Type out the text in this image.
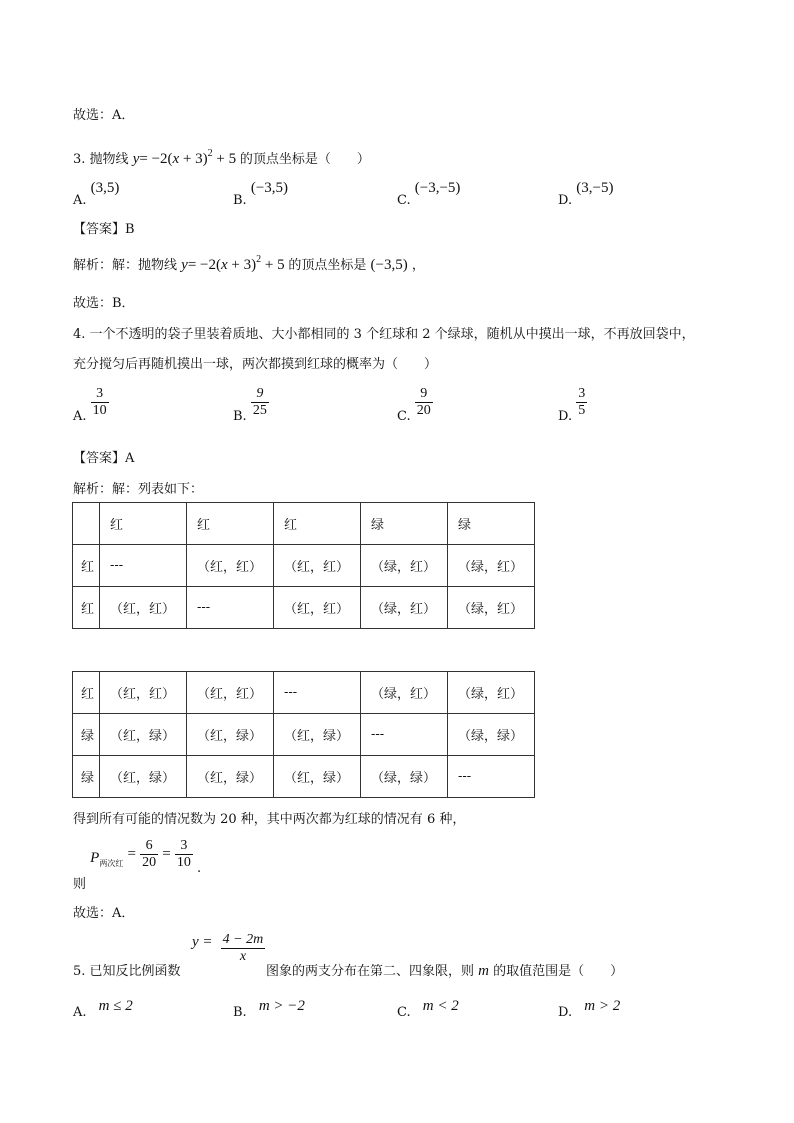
故选：A．
3. 抛物线 $y= -2(x + 3)^2 + 5$ 的顶点坐标是（　　）
A. (3,5)
B. (−3,5)
C. (−3,−5)
D. (3,−5)
【答案】B
解析：解：抛物线 $y= -2(x + 3)^2 + 5$ 的顶点坐标是 (−3,5) ，
故选：B．
4. 一个不透明的袋子里装着质地、大小都相同的 3 个红球和 2 个绿球，随机从中摸出一球，不再放回袋中，
充分搅匀后再随机摸出一球，两次都摸到红球的概率为（　　）
A. $\frac{3}{10}$	B. $\frac{9}{25}$	C. $\frac{9}{20}$	D. $\frac{3}{5}$
【答案】A
解析：解：列表如下：
	红	红	红	绿	绿
红	---	（红，红）	（红，红）	（绿，红）	（绿，红）
红	（红，红）	---	（红，红）	（绿，红）	（绿，红）
红	（红，红）	（红，红）	---	（绿，红）	（绿，红）
绿	（红，绿）	（红，绿）	（红，绿）	---	（绿，绿）
绿	（红，绿）	（红，绿）	（红，绿）	（绿，绿）	---
得到所有可能的情况数为 20 种，其中两次都为红球的情况有 6 种，
则 $P_{两次红} = \frac{6}{20} = \frac{3}{10}$ .
故选：A．
5. 已知反比例函数
$y = \frac{4 - 2m}{x}$
图象的两支分布在第二、四象限，则 m 的取值范围是（　　）
A. m ≤ 2	B. m > −2	C. m < 2	D. m > 2
